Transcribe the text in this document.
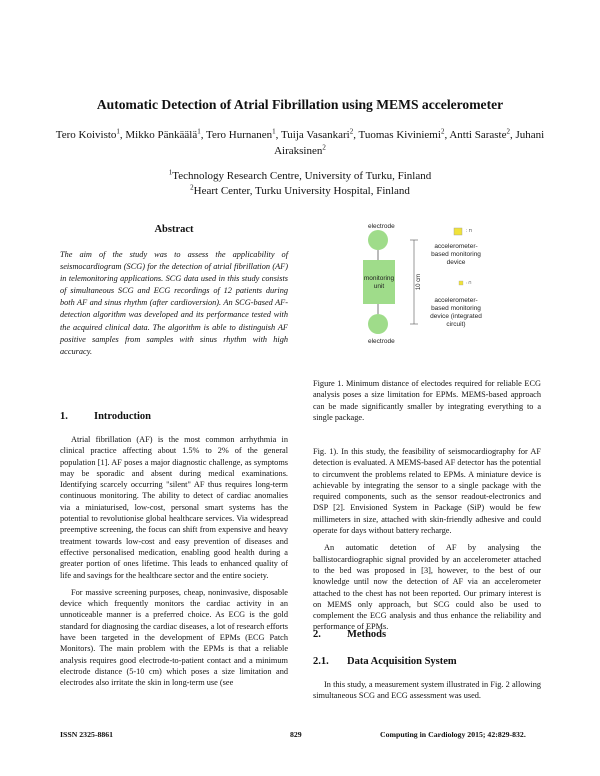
Automatic Detection of Atrial Fibrillation using MEMS accelerometer
Tero Koivisto$^1$, Mikko Pänkäälä$^1$, Tero Hurnanen$^1$, Tuija Vasankari$^2$, Tuomas Kiviniemi$^2$, Antti Saraste$^2$, Juhani Airaksinen$^2$
$^1$Technology Research Centre, University of Turku, Finland
$^2$Heart Center, Turku University Hospital, Finland
Abstract
The aim of the study was to assess the applicability of seismocardiogram (SCG) for the detection of atrial fibrillation (AF) in telemonitoring applications. SCG data used in this study consists of simultaneous SCG and ECG recordings of 12 patients during both AF and sinus rhythm (after cardioversion). An SCG-based AF-detection algorithm was developed and its performance tested with the acquired clinical data. The algorithm is able to distinguish AF positive samples from samples with sinus rhythm with high accuracy.
1. Introduction

Atrial fibrillation (AF) is the most common arrhythmia in clinical practice affecting about 1.5% to 2% of the general population [1]. AF poses a major diagnostic challenge, as symptoms may be sporadic and absent during medical examinations. Identifying scarcely occurring "silent" AF thus requires long-term continuous monitoring. The ability to detect of cardiac anomalies via a miniaturised, low-cost, personal smart systems has the potential to revolutionise global healthcare services. Via widespread preemptive screening, the focus can shift from expensive and heavy treatment towards low-cost and easy prevention of diseases and effective personalised medication, enabling good health during a greater portion of ones lifetime. This leads to enhanced quality of life and savings for the healthcare sector and the entire society.

For massive screening purposes, cheap, noninvasive, disposable device which frequently monitors the cardiac activity in an unnoticeable manner is a preferred choice. As ECG is the gold standard for diagnosing the cardiac diseases, a lot of research efforts have been targeted in the development of EPMs (ECG Patch Monitors). The main problem with the EPMs is that a reliable analysis requires good electrode-to-patient contact and a minimum electrode distance (5-10 cm) which poses a size limitation and electrodes also irritate the skin in long-term use (see

electrode
monitoring unit
electrode
10 cm
: ⊓
accelerometer-based monitoring device
: ⊓
accelerometer-based monitoring device (integrated circuit)
Figure 1. Minimum distance of electodes required for reliable ECG analysis poses a size limitation for EPMs. MEMS-based approach can be made significantly smaller by integrating everything to a single package.

Fig. 1). In this study, the feasibility of seismocardiography for AF detection is evaluated. A MEMS-based AF detector has the potential to circumvent the problems related to EPMs. A miniature device is achievable by integrating the sensor to a single package with the required components, such as the sensor readout-electronics and DSP [2]. Envisioned System in Package (SiP) would be few millimeters in size, attached with skin-friendly adhesive and could operate for days without battery recharge.

An automatic detetion of AF by analysing the ballistocardiographic signal provided by an accelerometer attached to the bed was proposed in [3], however, to the best of our knowledge until now the detection of AF via an accelerometer attached to the chest has not been reported. Our primary interest is on MEMS only approach, but SCG could also be used to complement the ECG analysis and thus enhance the reliability and performance of EPMs.

2. Methods
2.1. Data Acquisition System

In this study, a measurement system illustrated in Fig. 2 allowing simultaneous SCG and ECG assessment was used.

ISSN 2325-8861	829	Computing in Cardiology 2015; 42:829-832.
